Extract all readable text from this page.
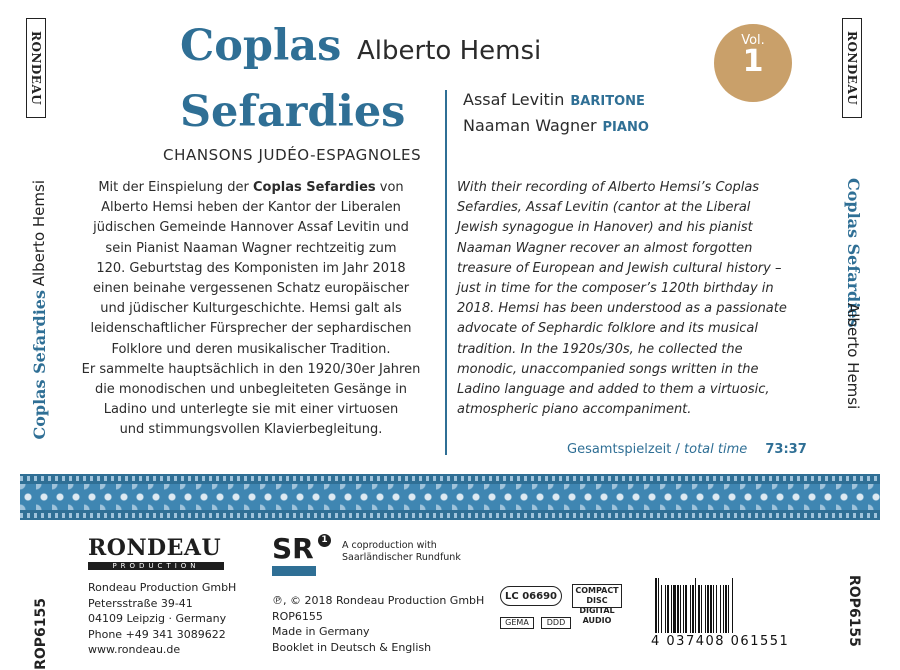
RONDEAU
Alberto Hemsi
Coplas Sefardies
ROP6155
RONDEAU
Coplas Sefardies
Alberto Hemsi
ROP6155
Coplas
Sefardies
Alberto Hemsi
CHANSONS JUDÉO-ESPAGNOLES
Assaf Levitin BARITONE
Naaman Wagner PIANO
Vol.
1
Mit der Einspielung der Coplas Sefardies von
Alberto Hemsi heben der Kantor der Liberalen
jüdischen Gemeinde Hannover Assaf Levitin und
sein Pianist Naaman Wagner rechtzeitig zum
120. Geburtstag des Komponisten im Jahr 2018
einen beinahe vergessenen Schatz europäischer
und jüdischer Kulturgeschichte. Hemsi galt als
leidenschaftlicher Fürsprecher der sephardischen
Folklore und deren musikalischer Tradition.
Er sammelte hauptsächlich in den 1920/30er Jahren
die monodischen und unbegleiteten Gesänge in
Ladino und unterlegte sie mit einer virtuosen
und stimmungsvollen Klavierbegleitung.
With their recording of Alberto Hemsi’s Coplas
Sefardies, Assaf Levitin (cantor at the Liberal
Jewish synagogue in Hanover) and his pianist
Naaman Wagner recover an almost forgotten
treasure of European and Jewish cultural history –
just in time for the composer’s 120th birthday in
2018. Hemsi has been understood as a passionate
advocate of Sephardic folklore and its musical
tradition. In the 1920s/30s, he collected the
monodic, unaccompanied songs written in the
Ladino language and added to them a virtuosic,
atmospheric piano accompaniment.
Gesamtspielzeit / total time 73:37
RONDEAU
PRODUCTION
Rondeau Production GmbH
Petersstraße 39-41
04109 Leipzig · Germany
Phone +49 341 3089622
www.rondeau.de
SR 1	A coproduction with
Saarländischer Rundfunk
℗, © 2018 Rondeau Production GmbH
ROP6155
Made in Germany
Booklet in Deutsch & English
LC 06690	COMPACT DISC DIGITAL AUDIO
GEMA	DDD
4 037408 061551
